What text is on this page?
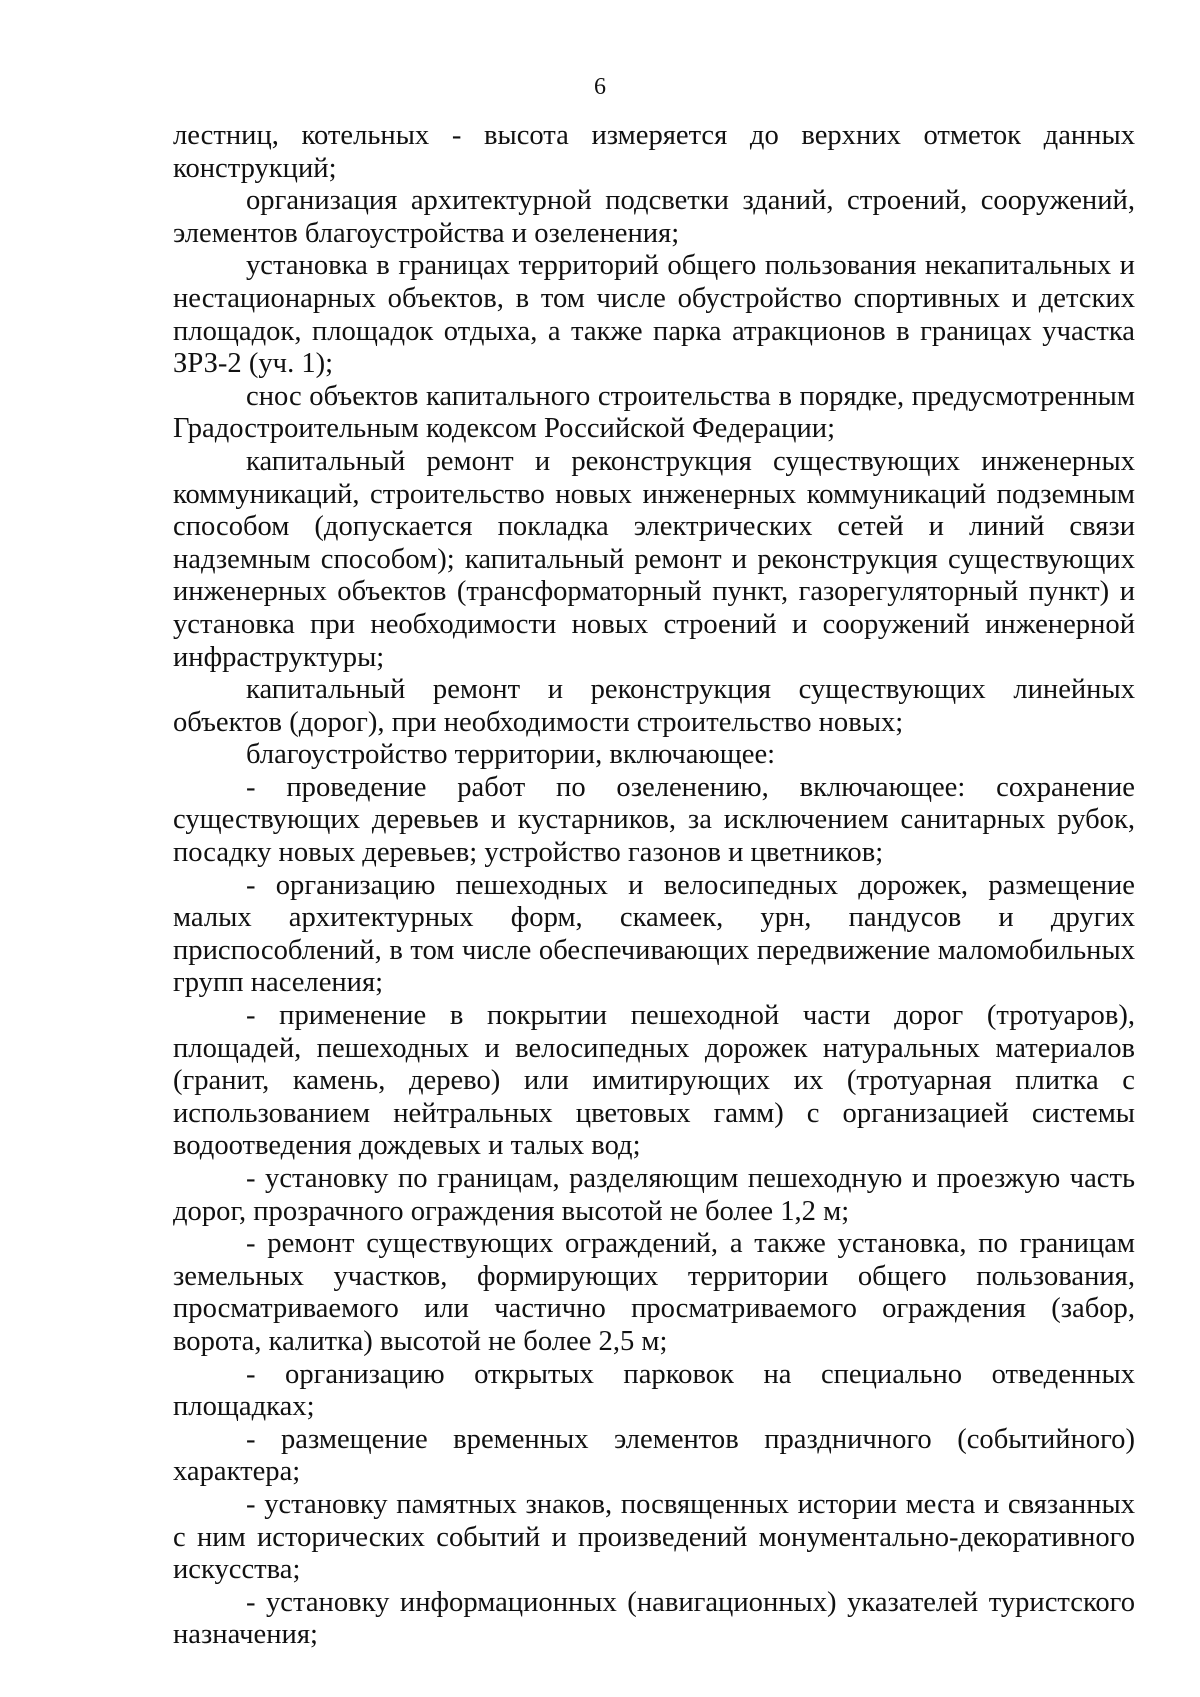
6

лестниц, котельных - высота измеряется до верхних отметок данных конструкций;

организация архитектурной подсветки зданий, строений, сооружений, элементов благоустройства и озеленения;

установка в границах территорий общего пользования некапитальных и нестационарных объектов, в том числе обустройство спортивных и детских площадок, площадок отдыха, а также парка атракционов в границах участка ЗРЗ-2 (уч. 1);

снос объектов капитального строительства в порядке, предусмотренным Градостроительным кодексом Российской Федерации;

капитальный ремонт и реконструкция существующих инженерных коммуникаций, строительство новых инженерных коммуникаций подземным способом (допускается покладка электрических сетей и линий связи надземным способом); капитальный ремонт и реконструкция существующих инженерных объектов (трансформаторный пункт, газорегуляторный пункт) и установка при необходимости новых строений и сооружений инженерной инфраструктуры;

капитальный ремонт и реконструкция существующих линейных объектов (дорог), при необходимости строительство новых;

благоустройство территории, включающее:

- проведение работ по озеленению, включающее: сохранение существующих деревьев и кустарников, за исключением санитарных рубок, посадку новых деревьев; устройство газонов и цветников;

- организацию пешеходных и велосипедных дорожек, размещение малых архитектурных форм, скамеек, урн, пандусов и других приспособлений, в том числе обеспечивающих передвижение маломобильных групп населения;

- применение в покрытии пешеходной части дорог (тротуаров), площадей, пешеходных и велосипедных дорожек натуральных материалов (гранит, камень, дерево) или имитирующих их (тротуарная плитка с использованием нейтральных цветовых гамм) с организацией системы водоотведения дождевых и талых вод;

- установку по границам, разделяющим пешеходную и проезжую часть дорог, прозрачного ограждения высотой не более 1,2 м;

- ремонт существующих ограждений, а также установка, по границам земельных участков, формирующих территории общего пользования, просматриваемого или частично просматриваемого ограждения (забор, ворота, калитка) высотой не более 2,5 м;

- организацию открытых парковок на специально отведенных площадках;

- размещение временных элементов праздничного (событийного) характера;

- установку памятных знаков, посвященных истории места и связанных с ним исторических событий и произведений монументально-декоративного искусства;

- установку информационных (навигационных) указателей туристского назначения;
